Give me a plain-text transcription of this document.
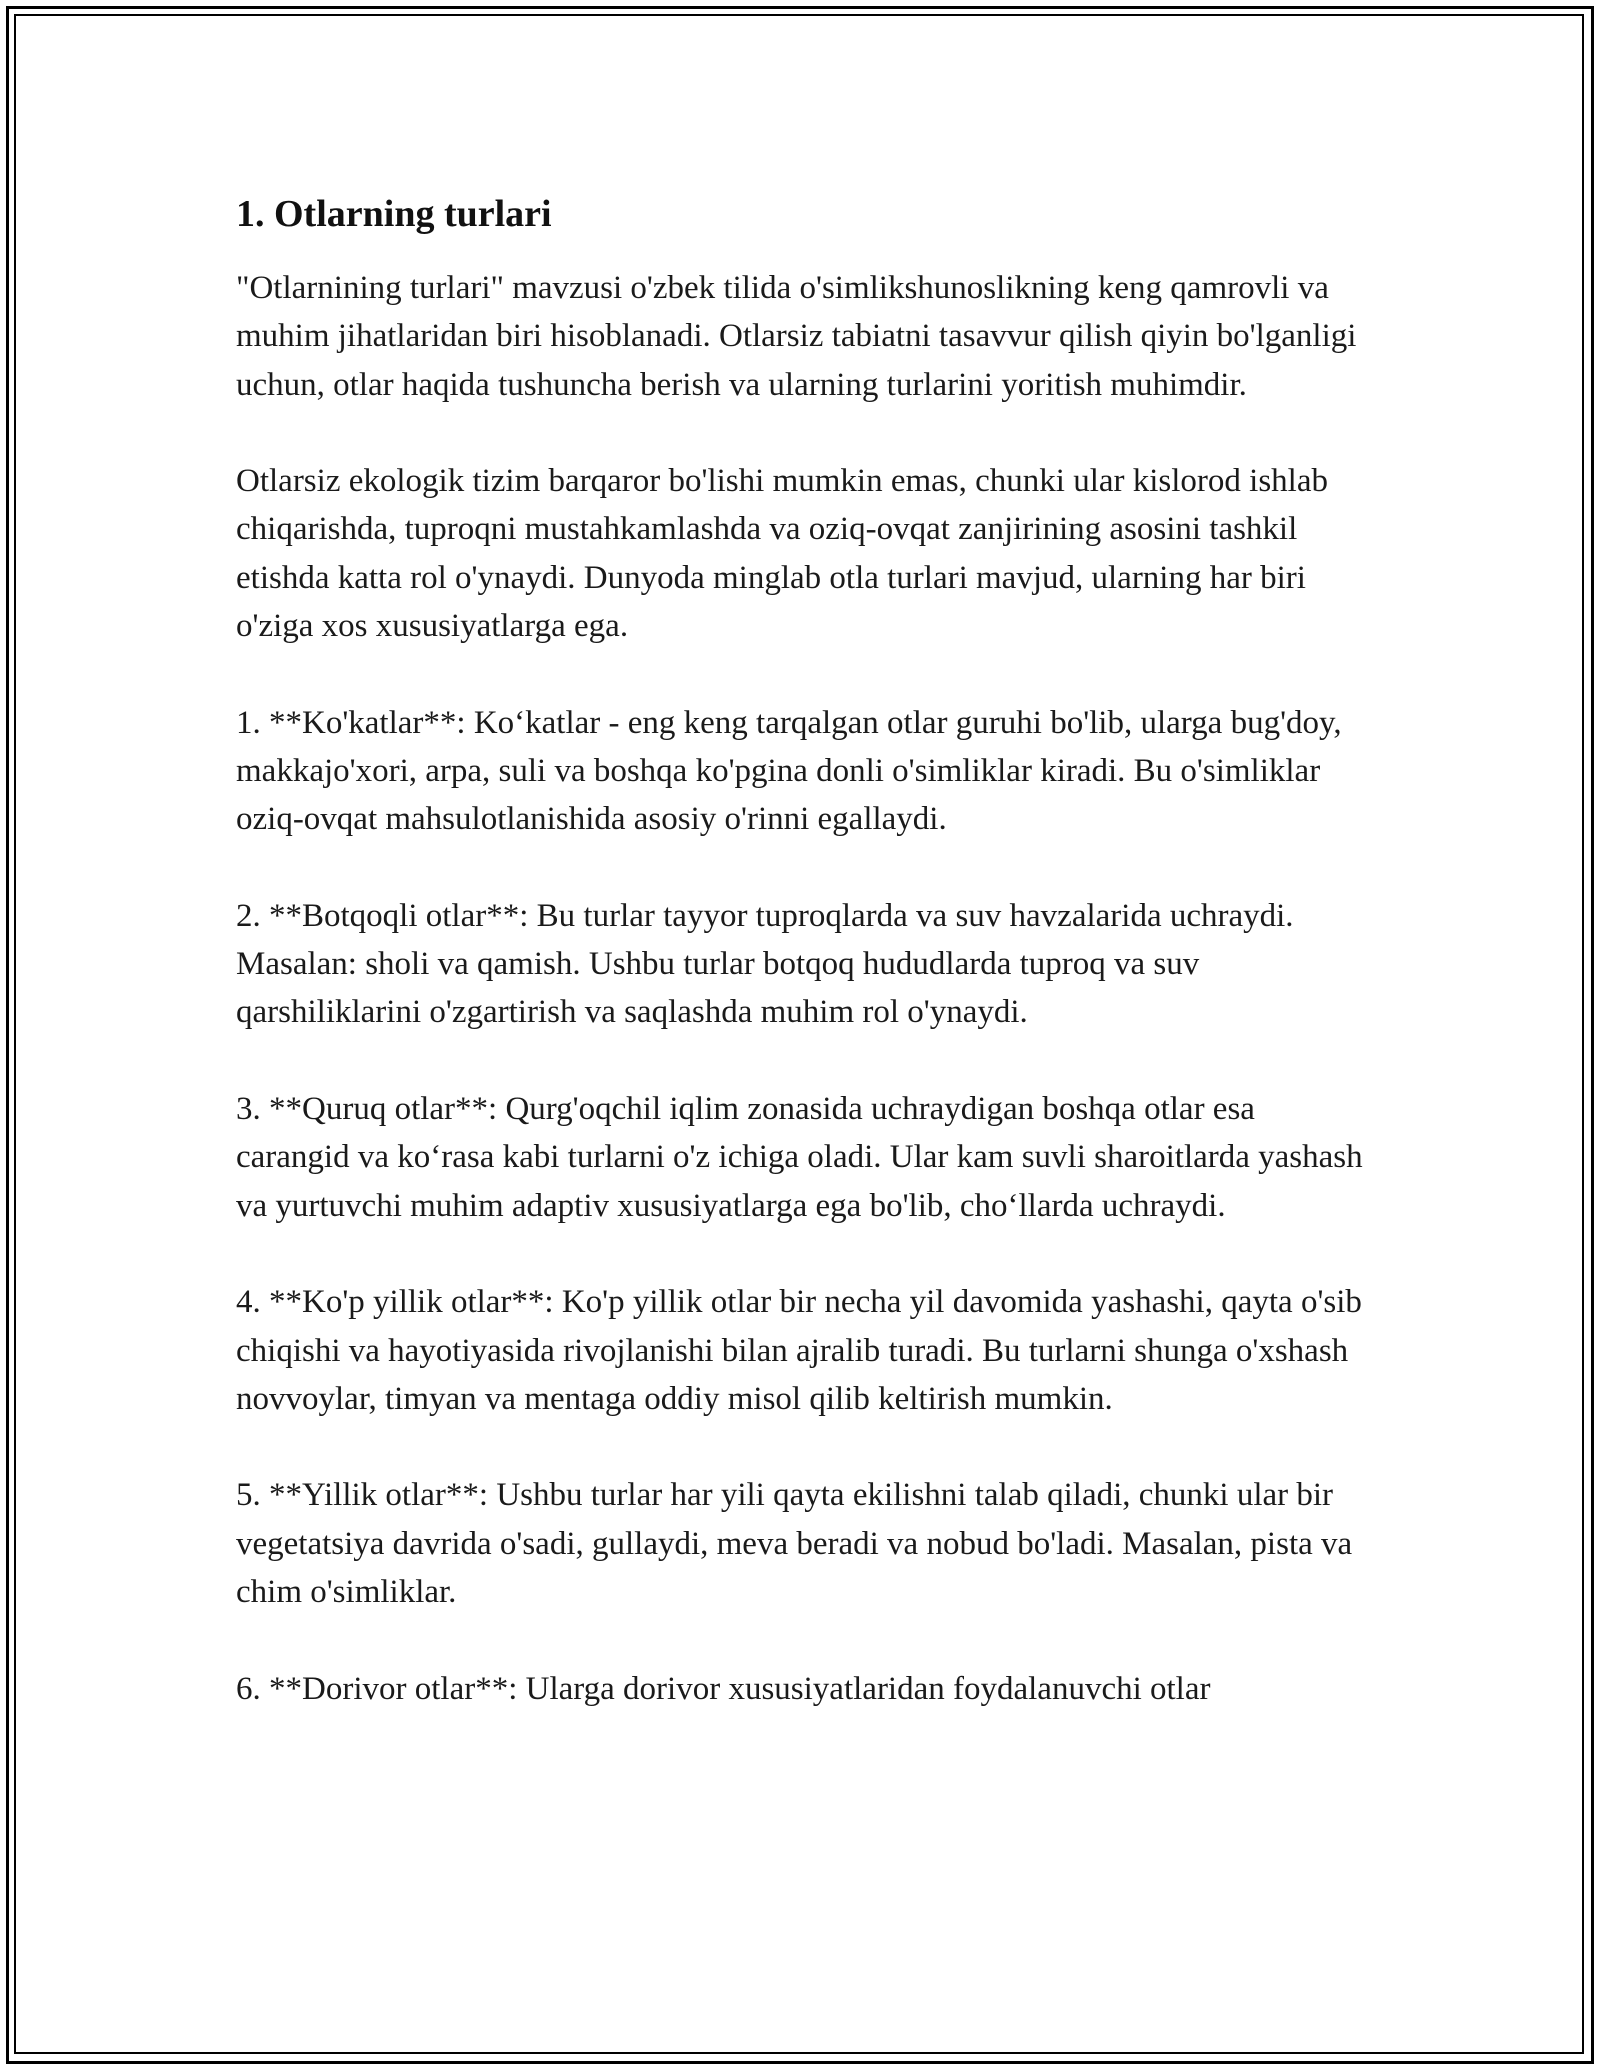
1. Otlarning turlari

"Otlarnining turlari" mavzusi o'zbek tilida o'simlikshunoslikning keng qamrovli va muhim jihatlaridan biri hisoblanadi. Otlarsiz tabiatni tasavvur qilish qiyin bo'lganligi uchun, otlar haqida tushuncha berish va ularning turlarini yoritish muhimdir.

Otlarsiz ekologik tizim barqaror bo'lishi mumkin emas, chunki ular kislorod ishlab chiqarishda, tuproqni mustahkamlashda va oziq-ovqat zanjirining asosini tashkil etishda katta rol o'ynaydi. Dunyoda minglab otla turlari mavjud, ularning har biri o'ziga xos xususiyatlarga ega.

1. **Ko'katlar**: Ko‘katlar - eng keng tarqalgan otlar guruhi bo'lib, ularga bug'doy, makkajo'xori, arpa, suli va boshqa ko'pgina donli o'simliklar kiradi. Bu o'simliklar oziq-ovqat mahsulotlanishida asosiy o'rinni egallaydi.

2. **Botqoqli otlar**: Bu turlar tayyor tuproqlarda va suv havzalarida uchraydi. Masalan: sholi va qamish. Ushbu turlar botqoq hududlarda tuproq va suv qarshiliklarini o'zgartirish va saqlashda muhim rol o'ynaydi.

3. **Quruq otlar**: Qurg'oqchil iqlim zonasida uchraydigan boshqa otlar esa carangid va ko‘rasa kabi turlarni o'z ichiga oladi. Ular kam suvli sharoitlarda yashash va yurtuvchi muhim adaptiv xususiyatlarga ega bo'lib, cho‘llarda uchraydi.

4. **Ko'p yillik otlar**: Ko'p yillik otlar bir necha yil davomida yashashi, qayta o'sib chiqishi va hayotiyasida rivojlanishi bilan ajralib turadi. Bu turlarni shunga o'xshash novvoylar, timyan va mentaga oddiy misol qilib keltirish mumkin.

5. **Yillik otlar**: Ushbu turlar har yili qayta ekilishni talab qiladi, chunki ular bir vegetatsiya davrida o'sadi, gullaydi, meva beradi va nobud bo'ladi. Masalan, pista va chim o'simliklar.

6. **Dorivor otlar**: Ularga dorivor xususiyatlaridan foydalanuvchi otlar
